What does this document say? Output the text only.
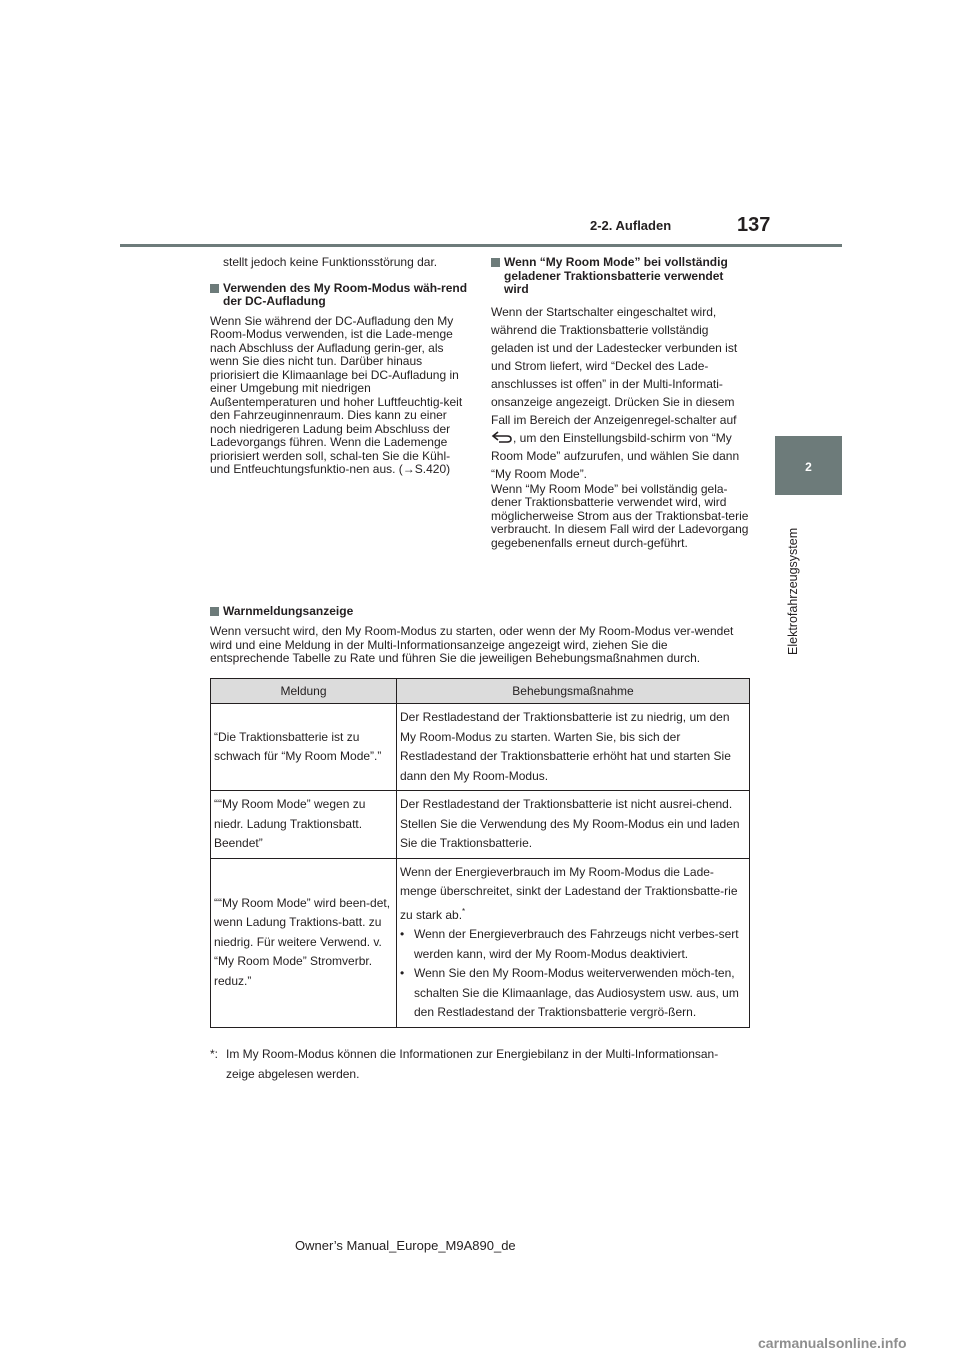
2-2. Aufladen	137
2
Elektrofahrzeugsystem

stellt jedoch keine Funktionsstörung dar.

Verwenden des My Room-Modus wäh-rend der DC-Aufladung

Wenn Sie während der DC-Aufladung den My Room-Modus verwenden, ist die Lade-menge nach Abschluss der Aufladung gerin-ger, als wenn Sie dies nicht tun. Darüber hinaus priorisiert die Klimaanlage bei DC-Aufladung in einer Umgebung mit niedrigen Außentemperaturen und hoher Luftfeuchtig-keit den Fahrzeuginnenraum. Dies kann zu einer noch niedrigeren Ladung beim Abschluss der Ladevorgangs führen. Wenn die Lademenge priorisiert werden soll, schal-ten Sie die Kühl- und Entfeuchtungsfunktio-nen aus. (→S.420)

Wenn “My Room Mode” bei vollständig geladener Traktionsbatterie verwendet wird

Wenn der Startschalter eingeschaltet wird, während die Traktionsbatterie vollständig geladen ist und der Ladestecker verbunden ist und Strom liefert, wird “Deckel des Lade-anschlusses ist offen” in der Multi-Informati-onsanzeige angezeigt. Drücken Sie in diesem Fall im Bereich der Anzeigenregel-schalter auf , um den Einstellungsbild-schirm von “My Room Mode” aufzurufen, und wählen Sie dann “My Room Mode”.

Wenn “My Room Mode” bei vollständig gela-dener Traktionsbatterie verwendet wird, wird möglicherweise Strom aus der Traktionsbat-terie verbraucht. In diesem Fall wird der Ladevorgang gegebenenfalls erneut durch-geführt.

Warnmeldungsanzeige

Wenn versucht wird, den My Room-Modus zu starten, oder wenn der My Room-Modus ver-wendet wird und eine Meldung in der Multi-Informationsanzeige angezeigt wird, ziehen Sie die entsprechende Tabelle zu Rate und führen Sie die jeweiligen Behebungsmaßnahmen durch.

Meldung	Behebungsmaßnahme
“Die Traktionsbatterie ist zu schwach für “My Room Mode”.”	Der Restladestand der Traktionsbatterie ist zu niedrig, um den My Room-Modus zu starten. Warten Sie, bis sich der Restladestand der Traktionsbatterie erhöht hat und starten Sie dann den My Room-Modus.
““My Room Mode” wegen zu niedr. Ladung Traktionsbatt. Beendet”	Der Restladestand der Traktionsbatterie ist nicht ausrei-chend. Stellen Sie die Verwendung des My Room-Modus ein und laden Sie die Traktionsbatterie.
““My Room Mode” wird been-det, wenn Ladung Traktions-batt. zu niedrig. Für weitere Verwend. v. “My Room Mode” Stromverbr. reduz.”	Wenn der Energieverbrauch im My Room-Modus die Lade-menge überschreitet, sinkt der Ladestand der Traktionsbatte-rie zu stark ab.*
• Wenn der Energieverbrauch des Fahrzeugs nicht verbes-sert werden kann, wird der My Room-Modus deaktiviert.
• Wenn Sie den My Room-Modus weiterverwenden möch-ten, schalten Sie die Klimaanlage, das Audiosystem usw. aus, um den Restladestand der Traktionsbatterie vergrö-ßern.
*: Im My Room-Modus können die Informationen zur Energiebilanz in der Multi-Informationsan-
zeige abgelesen werden.
Owner’s Manual_Europe_M9A890_de
carmanualsonline.info
